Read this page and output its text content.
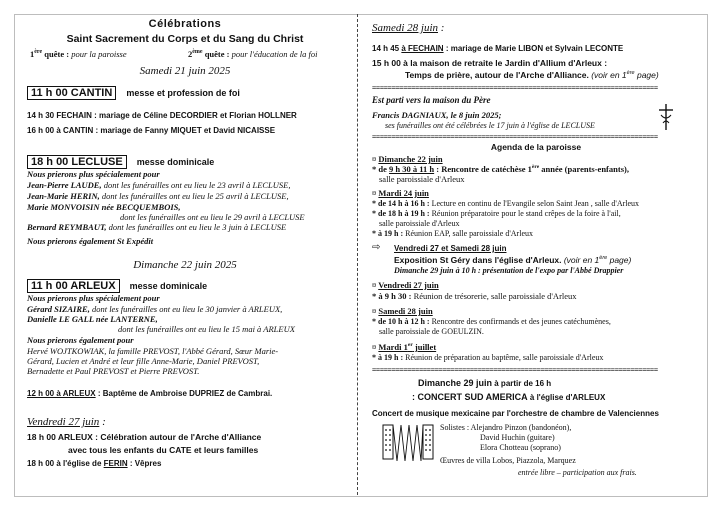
Célébrations
Saint Sacrement du Corps et du Sang du Christ
1ère quête : pour la paroisse	2ème quête : pour l'éducation de la foi
Samedi 21 juin 2025
11 h 00 CANTIN messe et profession de foi
14 h 30 FECHAIN : mariage de Céline DECORDIER et Florian HOLLNER
16 h 00 à CANTIN : mariage de Fanny MIQUET et David NICAISSE
18 h 00 LECLUSE messe dominicale
Nous prierons plus spécialement pour
Jean-Pierre LAUDE, dont les funérailles ont eu lieu le 23 avril à LECLUSE,
Jean-Marie HERIN, dont les funérailles ont eu lieu le 25 avril à LECLUSE,
Marie MONVOISIN née BECQUEMBOIS,
dont les funérailles ont eu lieu le 29 avril à LECLUSE
Bernard REYMBAUT, dont les funérailles ont eu lieu le 3 juin à LECLUSE
Nous prierons également St Expédit
Dimanche 22 juin 2025
11 h 00 ARLEUX messe dominicale
Nous prierons plus spécialement pour
Gérard SIZAIRE, dont les funérailles ont eu lieu le 30 janvier à ARLEUX,
Danielle LE GALL née LANTERNE,
dont les funérailles ont eu lieu le 15 mai à ARLEUX
Nous prierons également pour
Hervé WOJTKOWIAK, la famille PREVOST, l'Abbé Gérard, Sœur Marie-
Gérard, Lucien et André et leur fille Anne-Marie, Daniel PREVOST,
Bernadette et Paul PREVOST et Pierre PREVOST.
12 h 00 à ARLEUX : Baptême de Ambroise DUPRIEZ de Cambrai.
Vendredi 27 juin :
18 h 00 ARLEUX : Célébration autour de l'Arche d'Alliance
avec tous les enfants du CATE et leurs familles
18 h 00 à l'église de FERIN : Vêpres
Samedi 28 juin :
14 h 45 à FECHAIN : mariage de Marie LIBON et Sylvain LECONTE
15 h 00 à la maison de retraite le Jardin d'Allium d'Arleux :
Temps de prière, autour de l'Arche d'Alliance. (voir en 1ère page)
=========================================================================
Est parti vers la maison du Père
Francis DAGNIAUX, le 8 juin 2025;
ses funérailles ont été célébrées le 17 juin à l'église de LECLUSE
=========================================================================
Agenda de la paroisse
¤ Dimanche 22 juin
* de 9 h 30 à 11 h : Rencontre de catéchèse 1ère année (parents-enfants),
salle paroissiale d'Arleux
¤ Mardi 24 juin
* de 14 h à 16 h : Lecture en continu de l'Evangile selon Saint Jean , salle d'Arleux
* de 18 h à 19 h : Réunion préparatoire pour le stand crêpes de la foire à l'ail,
salle paroissiale d'Arleux
* à 19 h : Réunion EAP, salle paroissiale d'Arleux
⇨ Vendredi 27 et Samedi 28 juin
Exposition St Géry dans l'église d'Arleux. (voir en 1ère page)
Dimanche 29 juin à 10 h : présentation de l'expo par l'Abbé Drappier
¤ Vendredi 27 juin
* à 9 h 30 : Réunion de trésorerie, salle paroissiale d'Arleux
¤ Samedi 28 juin
* de 10 h à 12 h : Rencontre des confirmands et des jeunes catéchumènes,
salle paroissiale de GOEULZIN.
¤ Mardi 1er juillet
* à 19 h : Réunion de préparation au baptême, salle paroissiale d'Arleux
=========================================================================
Dimanche 29 juin à partir de 16 h
: CONCERT SUD AMERICA à l'église d'ARLEUX
Concert de musique mexicaine par l'orchestre de chambre de Valenciennes
Solistes : Alejandro Pinzon (bandonéon),
David Huchin (guitare)
Elora Chotteau (soprano)
Œuvres de villa Lobos, Piazzola, Marquez
entrée libre – participation aux frais.
